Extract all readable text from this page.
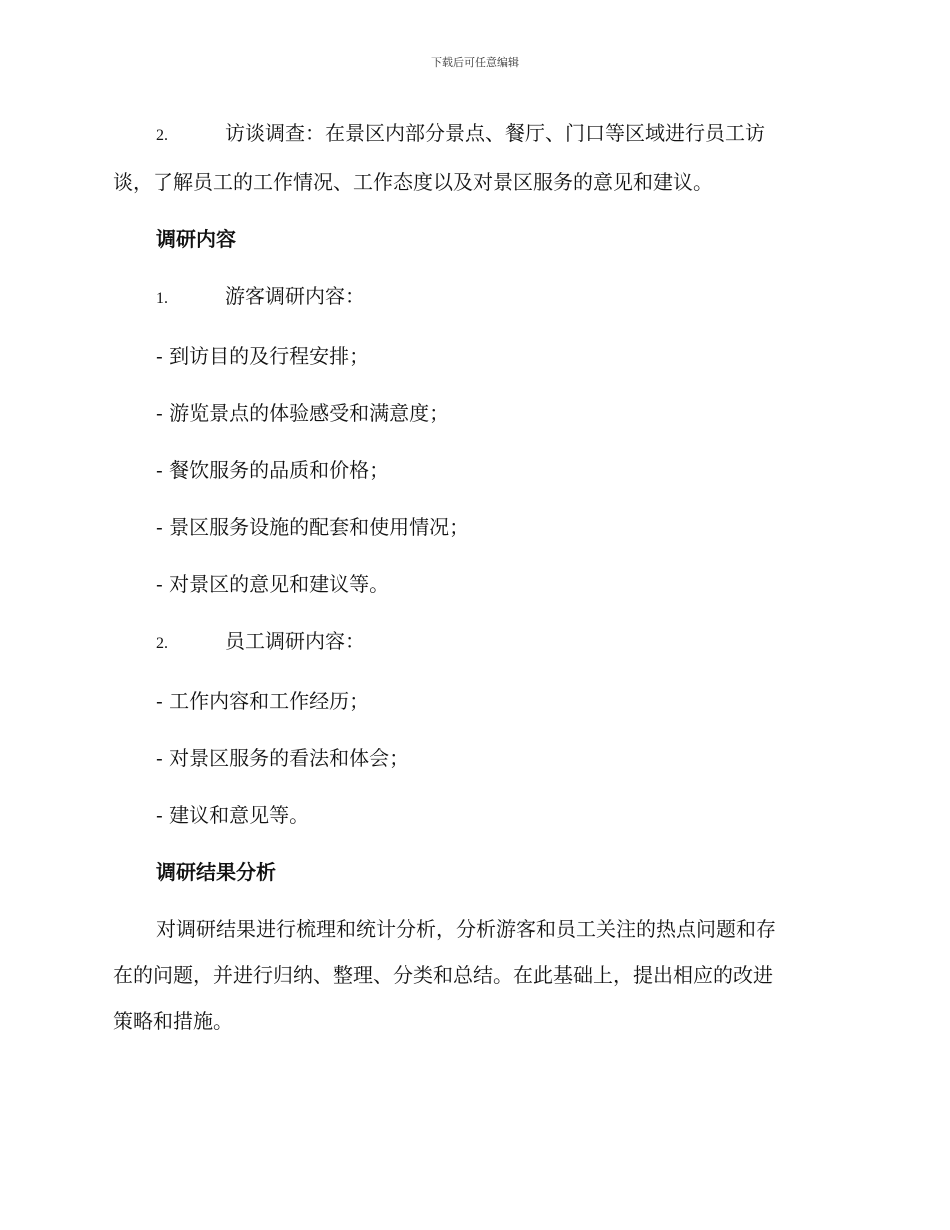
下载后可任意编辑
2.	访谈调查：在景区内部分景点、餐厅、门口等区域进行员工访
谈，了解员工的工作情况、工作态度以及对景区服务的意见和建议。
调研内容
1.	游客调研内容：
- 到访目的及行程安排；
- 游览景点的体验感受和满意度；
- 餐饮服务的品质和价格；
- 景区服务设施的配套和使用情况；
- 对景区的意见和建议等。
2.	员工调研内容：
- 工作内容和工作经历；
- 对景区服务的看法和体会；
- 建议和意见等。
调研结果分析
对调研结果进行梳理和统计分析，分析游客和员工关注的热点问题和存
在的问题，并进行归纳、整理、分类和总结。在此基础上，提出相应的改进
策略和措施。
